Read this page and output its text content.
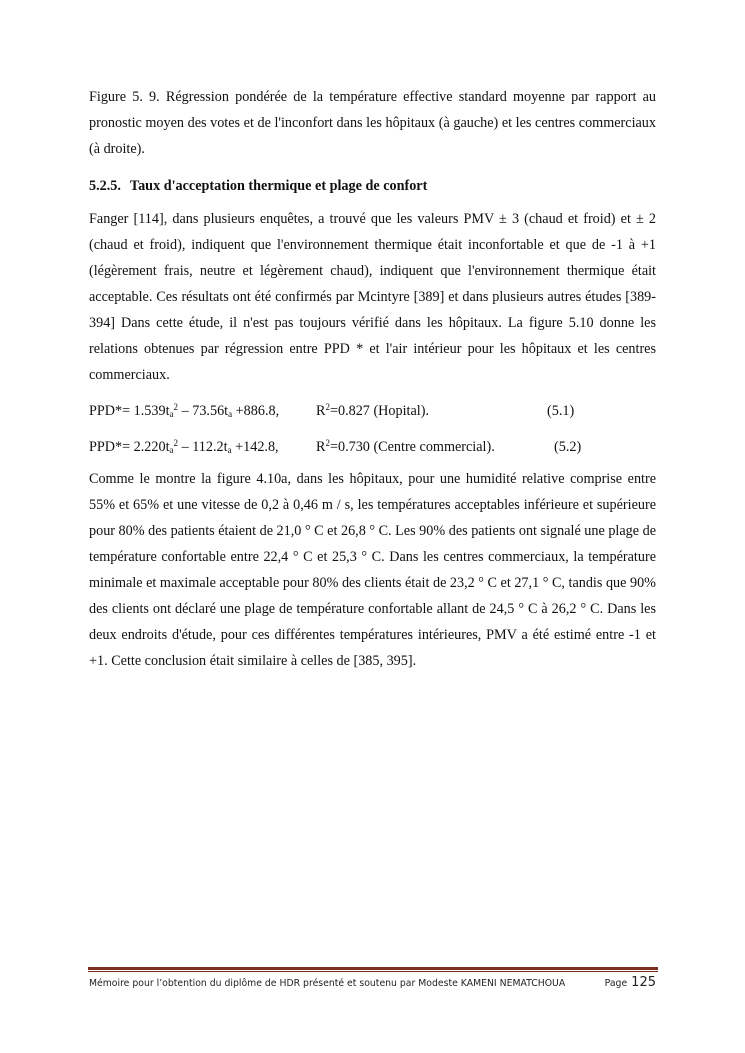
Figure 5. 9. Régression pondérée de la température effective standard moyenne par rapport au pronostic moyen des votes et de l'inconfort dans les hôpitaux (à gauche) et les centres commerciaux (à droite).

5.2.5. Taux d'acceptation thermique et plage de confort

Fanger [114], dans plusieurs enquêtes, a trouvé que les valeurs PMV ± 3 (chaud et froid) et ± 2 (chaud et froid), indiquent que l'environnement thermique était inconfortable et que de -1 à +1 (légèrement frais, neutre et légèrement chaud), indiquent que l'environnement thermique était acceptable. Ces résultats ont été confirmés par Mcintyre [389] et dans plusieurs autres études [389-394] Dans cette étude, il n'est pas toujours vérifié dans les hôpitaux. La figure 5.10 donne les relations obtenues par régression entre PPD * et l'air intérieur pour les hôpitaux et les centres commerciaux.

$PPD*= 1.539t_a^2 - 73.56t_a +886.8$,	$R^2=0.827$ (Hopital).	(5.1)
$PPD*= 2.220t_a^2 - 112.2t_a +142.8$,	$R^2=0.730$ (Centre commercial).	(5.2)

Comme le montre la figure 4.10a, dans les hôpitaux, pour une humidité relative comprise entre 55% et 65% et une vitesse de 0,2 à 0,46 m / s, les températures acceptables inférieure et supérieure pour 80% des patients étaient de 21,0 ° C et 26,8 ° C. Les 90% des patients ont signalé une plage de température confortable entre 22,4 ° C et 25,3 ° C. Dans les centres commerciaux, la température minimale et maximale acceptable pour 80% des clients était de 23,2 ° C et 27,1 ° C, tandis que 90% des clients ont déclaré une plage de température confortable allant de 24,5 ° C à 26,2 ° C. Dans les deux endroits d'étude, pour ces différentes températures intérieures, PMV a été estimé entre -1 et +1. Cette conclusion était similaire à celles de [385, 395].

Mémoire pour l’obtention du diplôme de HDR présenté et soutenu par Modeste KAMENI NEMATCHOUA	Page 125
